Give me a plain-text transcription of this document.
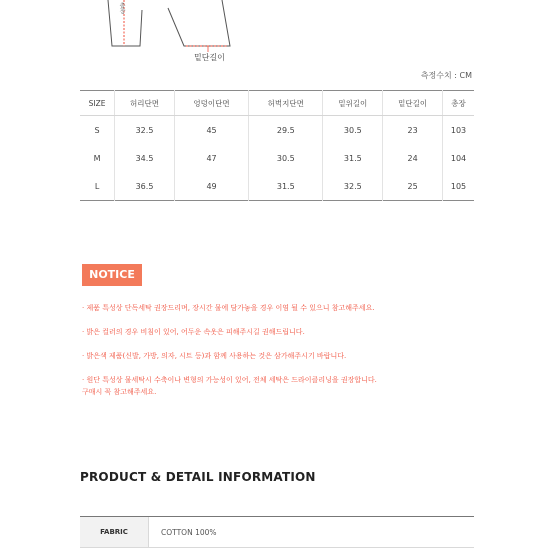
총장
밑단길이
측정수치 : CM
SIZE	허리단면	엉덩이단면	허벅지단면	밑위길이	밑단길이	총장
S	32.5	45	29.5	30.5	23	103
M	34.5	47	30.5	31.5	24	104
L	36.5	49	31.5	32.5	25	105
NOTICE
· 제품 특성상 단독세탁 권장드리며, 장시간 물에 담가놓을 경우 이염 될 수 있으니 참고해주세요.
· 밝은 컬러의 경우 비침이 있어, 어두운 속옷은 피해주시길 권해드립니다.
· 밝은색 제품(신발, 가방, 의자, 시트 등)과 함께 사용하는 것은 삼가해주시기 바랍니다.
· 원단 특성상 물세탁시 수축이나 변형의 가능성이 있어, 전체 세탁은 드라이클리닝을 권장합니다.
구매시 꼭 참고해주세요.
PRODUCT & DETAIL INFORMATION
FABRIC	COTTON 100%
